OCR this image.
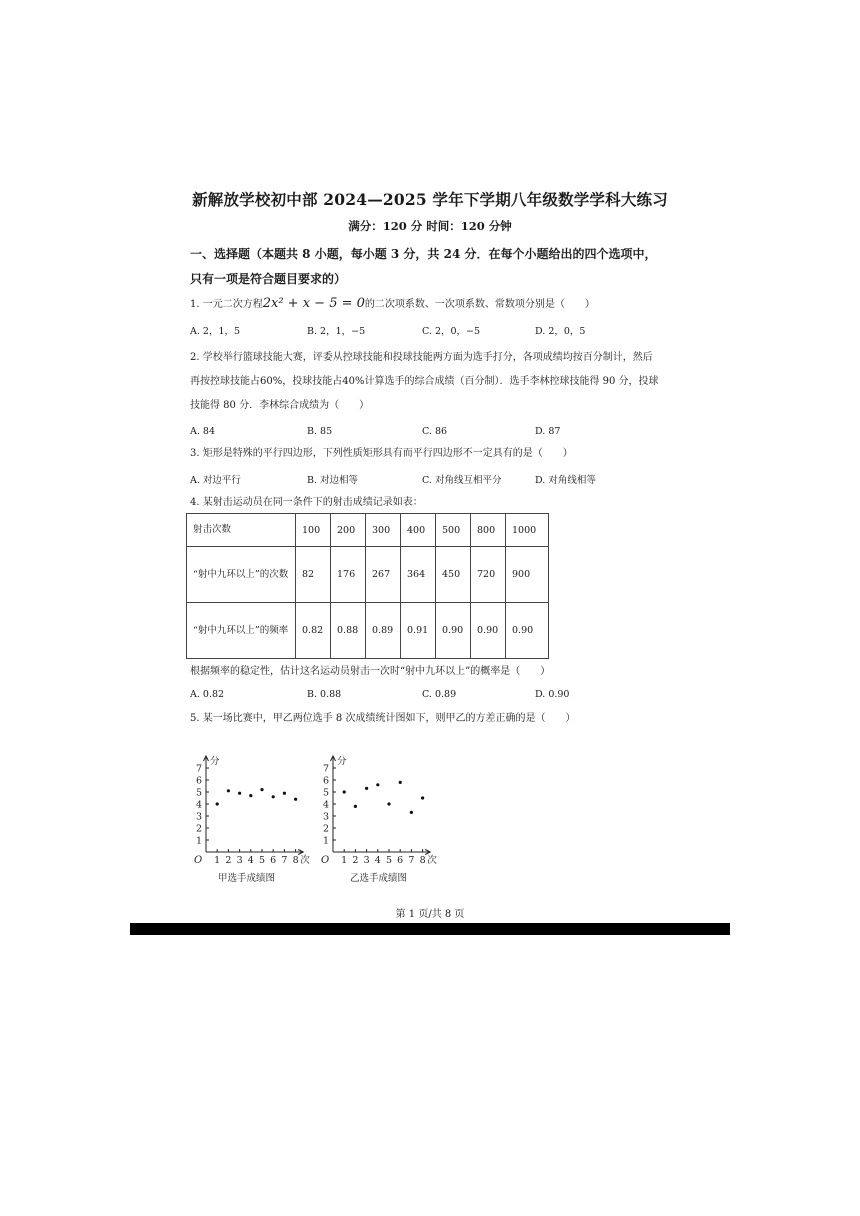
新解放学校初中部 2024—2025 学年下学期八年级数学学科大练习
满分：120 分 时间：120 分钟
一、选择题（本题共 8 小题，每小题 3 分，共 24 分．在每个小题给出的四个选项中，只有一项是符合题目要求的）
1. 一元二次方程2x² + x − 5 = 0的二次项系数、一次项系数、常数项分别是（　　）
A. 2，1，5	B. 2，1，−5	C. 2，0，−5	D. 2，0，5
2. 学校举行篮球技能大赛，评委从控球技能和投球技能两方面为选手打分，各项成绩均按百分制计，然后再按控球技能占60%，投球技能占40%计算选手的综合成绩（百分制）．选手李林控球技能得 90 分，投球技能得 80 分．李林综合成绩为（　　）
A. 84	B. 85	C. 86	D. 87
3. 矩形是特殊的平行四边形，下列性质矩形具有而平行四边形不一定具有的是（　　）
A. 对边平行	B. 对边相等	C. 对角线互相平分	D. 对角线相等
4. 某射击运动员在同一条件下的射击成绩记录如表：
射击次数	100	200	300	400	500	800	1000
“射中九环以上”的次数	82	176	267	364	450	720	900
“射中九环以上”的频率	0.82	0.88	0.89	0.91	0.90	0.90	0.90
根据频率的稳定性，估计这名运动员射击一次时“射中九环以上”的概率是（　　）
A. 0.82	B. 0.88	C. 0.89	D. 0.90
5. 某一场比赛中，甲乙两位选手 8 次成绩统计图如下，则甲乙的方差正确的是（　　）
1
2
3
4
5
6
7
1 2 3 4 5 6 7 8
O
分
次
1
2
3
4
5
6
7
1 2 3 4 5 6 7 8
O
分
次
甲选手成绩图	乙选手成绩图
第 1 页/共 8 页
